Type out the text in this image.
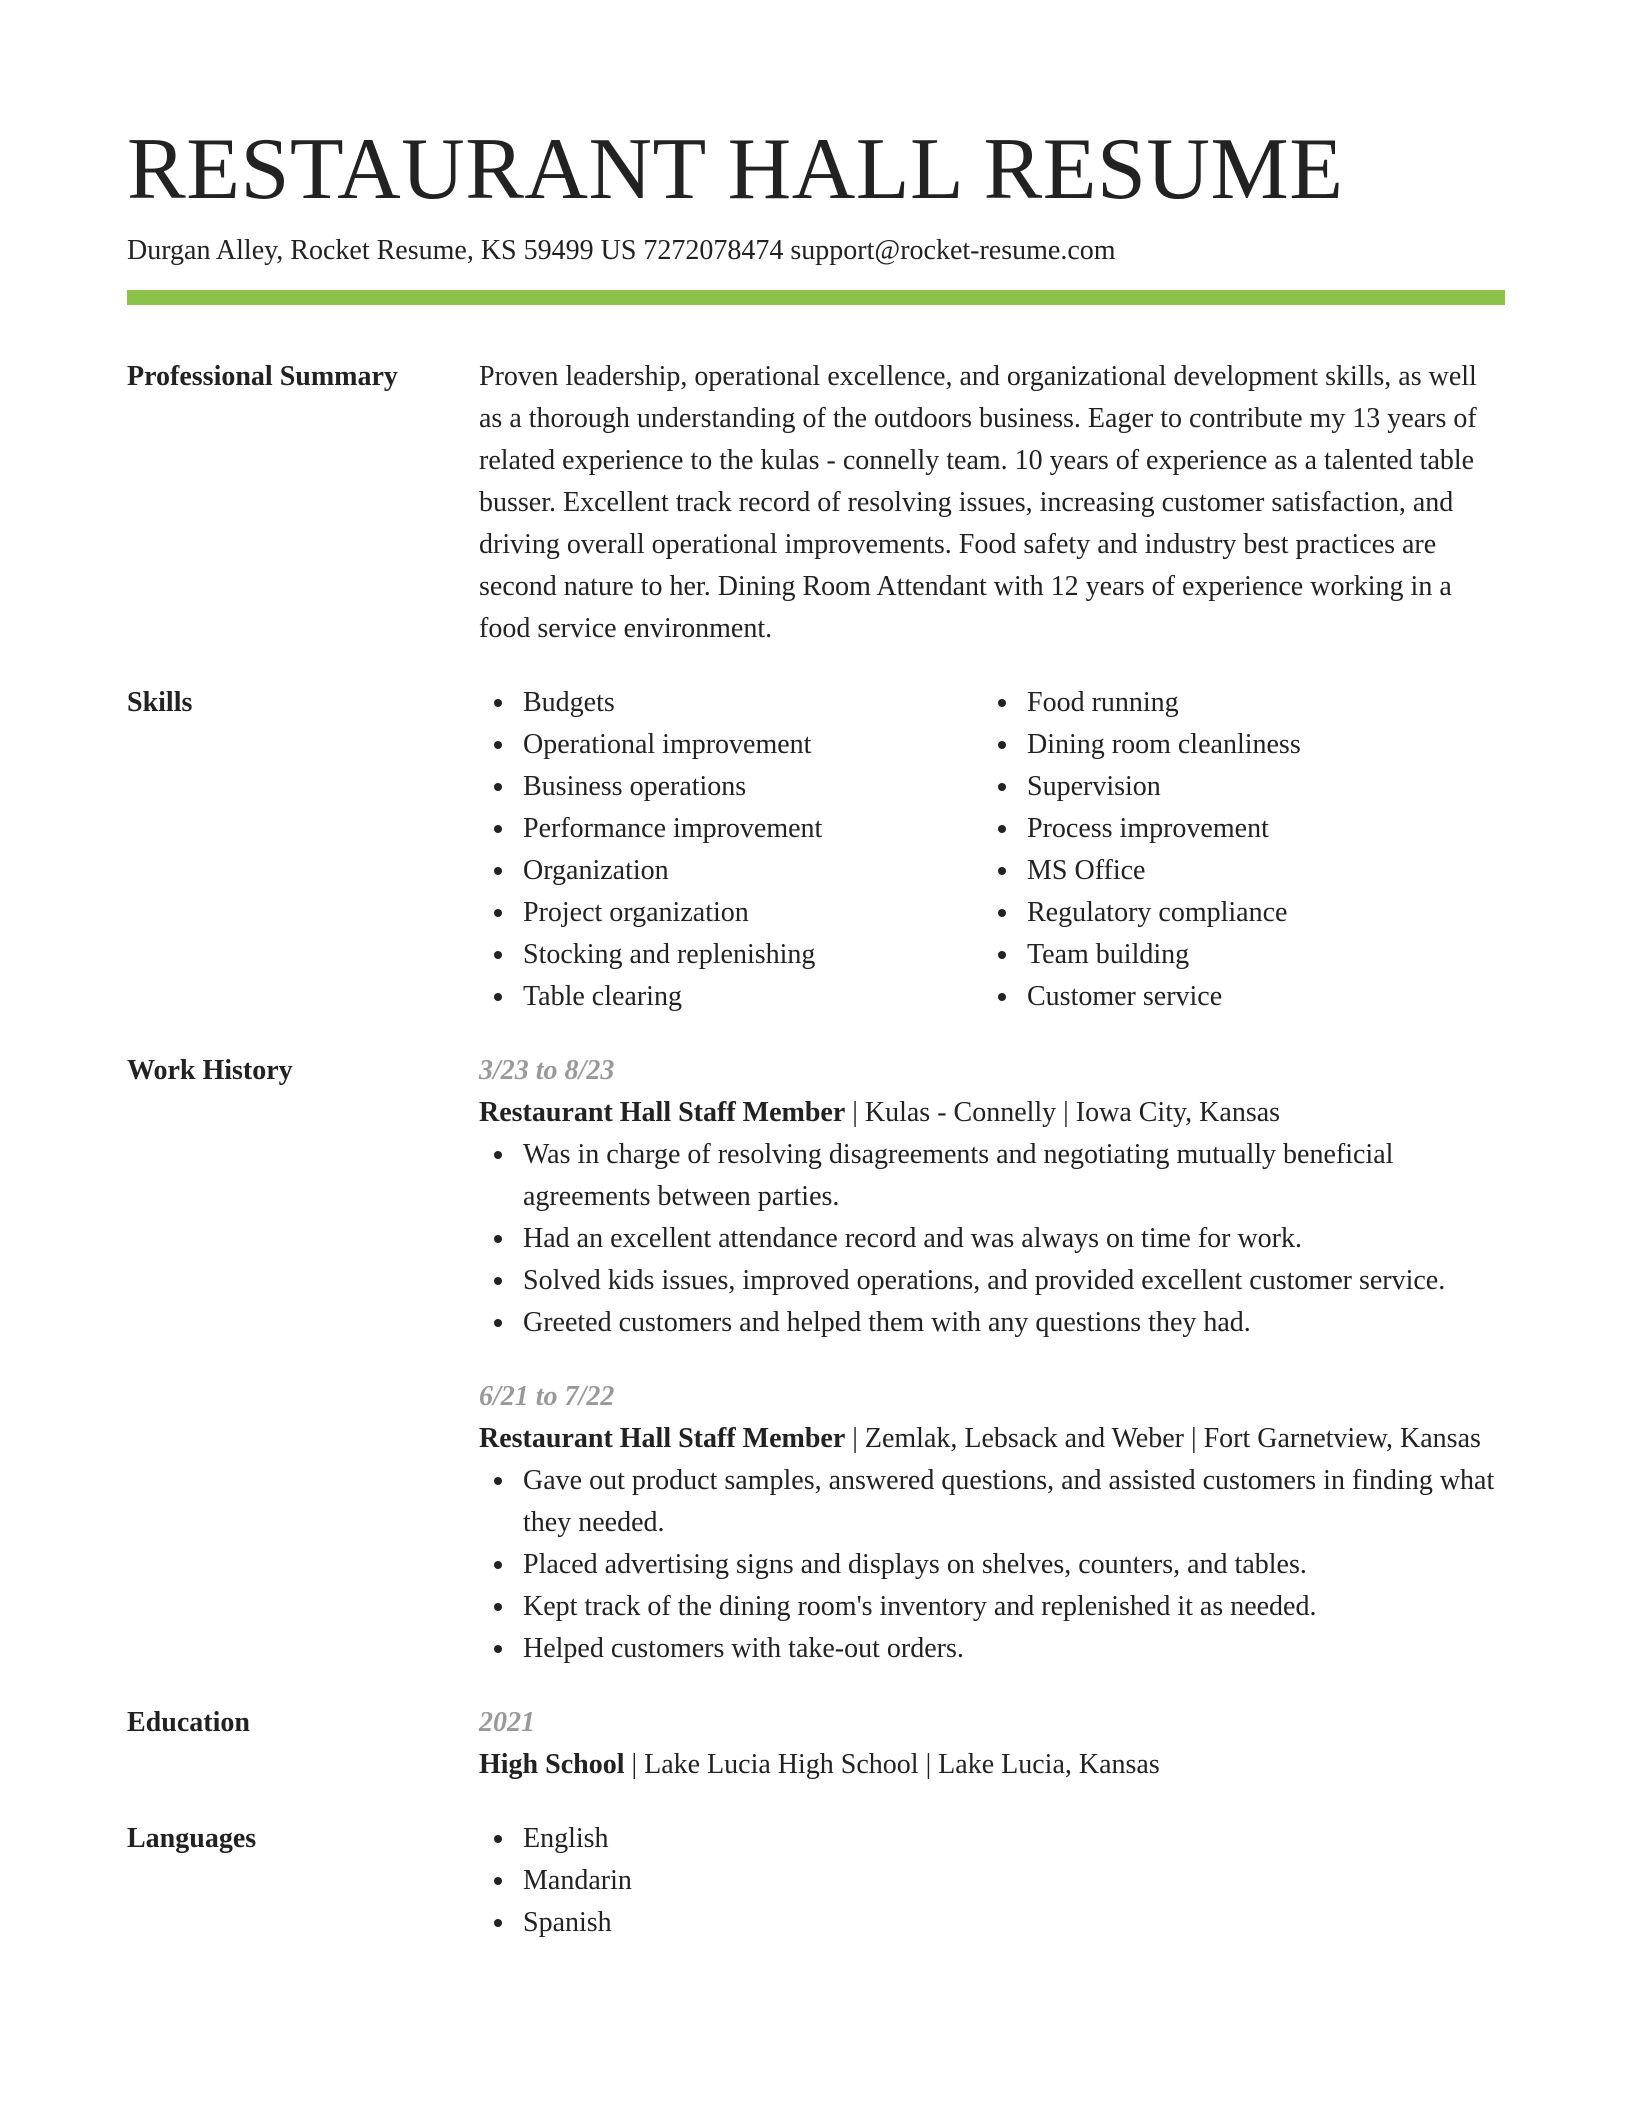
RESTAURANT HALL RESUME
Durgan Alley, Rocket Resume, KS 59499 US 7272078474 support@rocket-resume.com
Professional Summary	Proven leadership, operational excellence, and organizational development skills, as well as a thorough understanding of the outdoors business. Eager to contribute my 13 years of related experience to the kulas - connelly team. 10 years of experience as a talented table busser. Excellent track record of resolving issues, increasing customer satisfaction, and driving overall operational improvements. Food safety and industry best practices are second nature to her. Dining Room Attendant with 12 years of experience working in a food service environment.

Skills	Budgets
Operational improvement
Business operations
Performance improvement
Organization
Project organization
Stocking and replenishing
Table clearing
Food running
Dining room cleanliness
Supervision
Process improvement
MS Office
Regulatory compliance
Team building
Customer service
Work History	3/23 to 8/23
Restaurant Hall Staff Member | Kulas - Connelly | Iowa City, Kansas
Was in charge of resolving disagreements and negotiating mutually beneficial agreements between parties.
Had an excellent attendance record and was always on time for work.
Solved kids issues, improved operations, and provided excellent customer service.
Greeted customers and helped them with any questions they had.
6/21 to 7/22
Restaurant Hall Staff Member | Zemlak, Lebsack and Weber | Fort Garnetview, Kansas
Gave out product samples, answered questions, and assisted customers in finding what they needed.
Placed advertising signs and displays on shelves, counters, and tables.
Kept track of the dining room's inventory and replenished it as needed.
Helped customers with take-out orders.
Education	2021
High School | Lake Lucia High School | Lake Lucia, Kansas
Languages	English
Mandarin
Spanish
